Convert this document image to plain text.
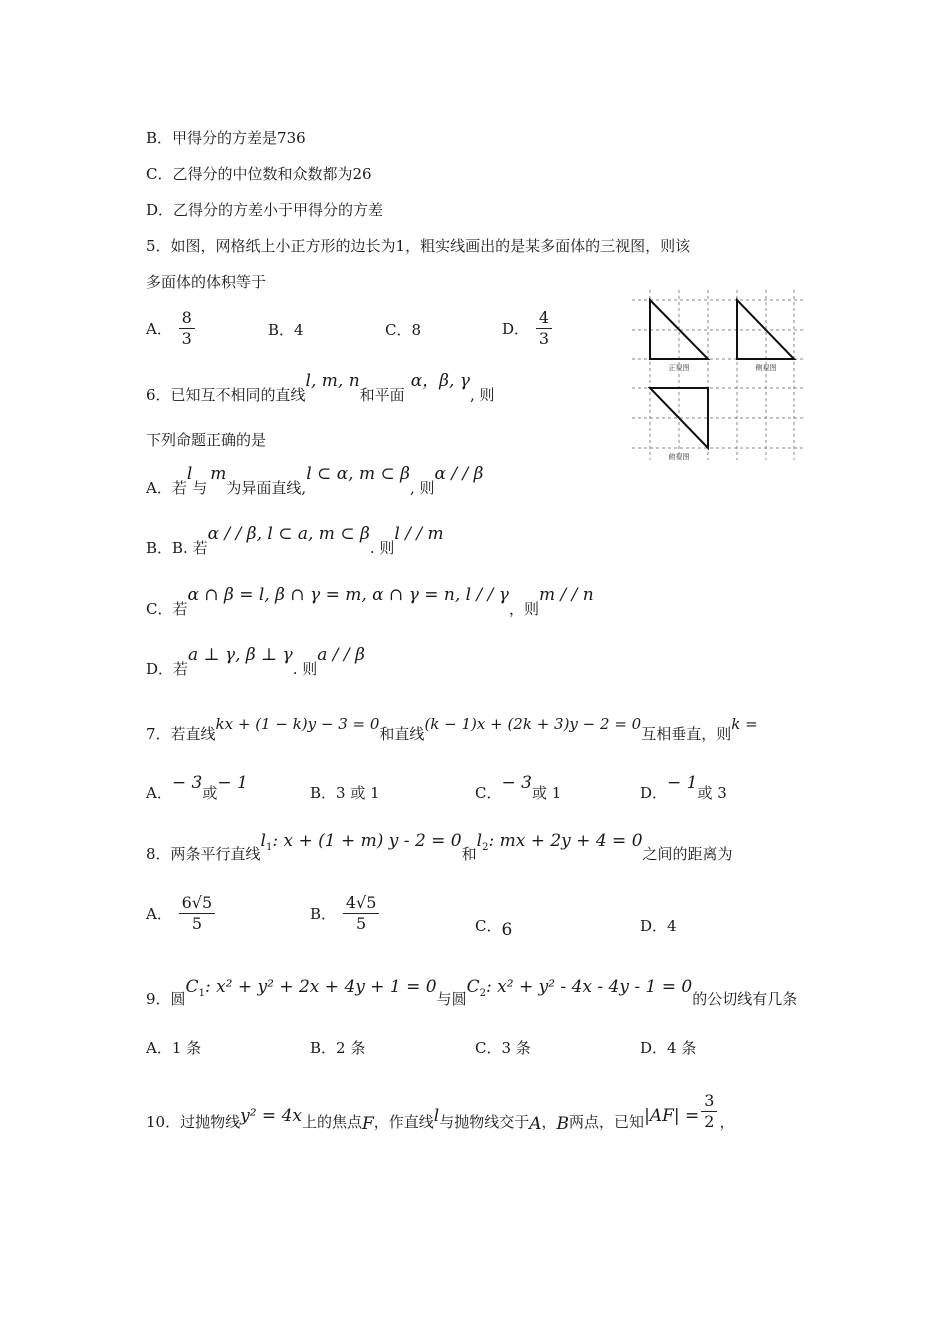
B．甲得分的方差是736
C．乙得分的中位数和众数都为26
D．乙得分的方差小于甲得分的方差
5．如图，网格纸上小正方形的边长为1，粗实线画出的是某多面体的三视图，则该
多面体的体积等于
A． $\frac{8}{3}$	B．4	C．8	D． $\frac{4}{3}$
正视图	侧视图
俯视图
6．已知互不相同的直线l, m, n和平面α，β, γ, 则
下列命题正确的是
A．若l与m为异面直线,l ⊂ α, m ⊂ β, 则α / / β
B．B. 若α / / β, l ⊂ a, m ⊂ β. 则l / / m
C．若α ∩ β = l, β ∩ γ = m, α ∩ γ = n, l / / γ，则m / / n
D．若a ⊥ γ, β ⊥ γ. 则a / / β
7．若直线kx + (1 − k)y − 3 = 0和直线(k − 1)x + (2k + 3)y − 2 = 0互相垂直，则k =
A．− 3或− 1	B．3 或 1	C．− 3或 1	D．− 1或 3
8．两条平行直线$l_1$: x + (1 + m) y - 2 = 0和$l_2$: mx + 2y + 4 = 0之间的距离为
A． $\frac{6√5}{5}$	B． $\frac{4√5}{5}$	C．6	D．4
9．圆$C_1$: x² + y² + 2x + 4y + 1 = 0与圆$C_2$: x² + y² - 4x - 4y - 1 = 0的公切线有几条
A．1 条	B．2 条	C．3 条	D．4 条
10．过抛物线y² = 4x上的焦点F，作直线l与抛物线交于A，B两点，已知$|AF| = \frac{3}{2}$ ，
